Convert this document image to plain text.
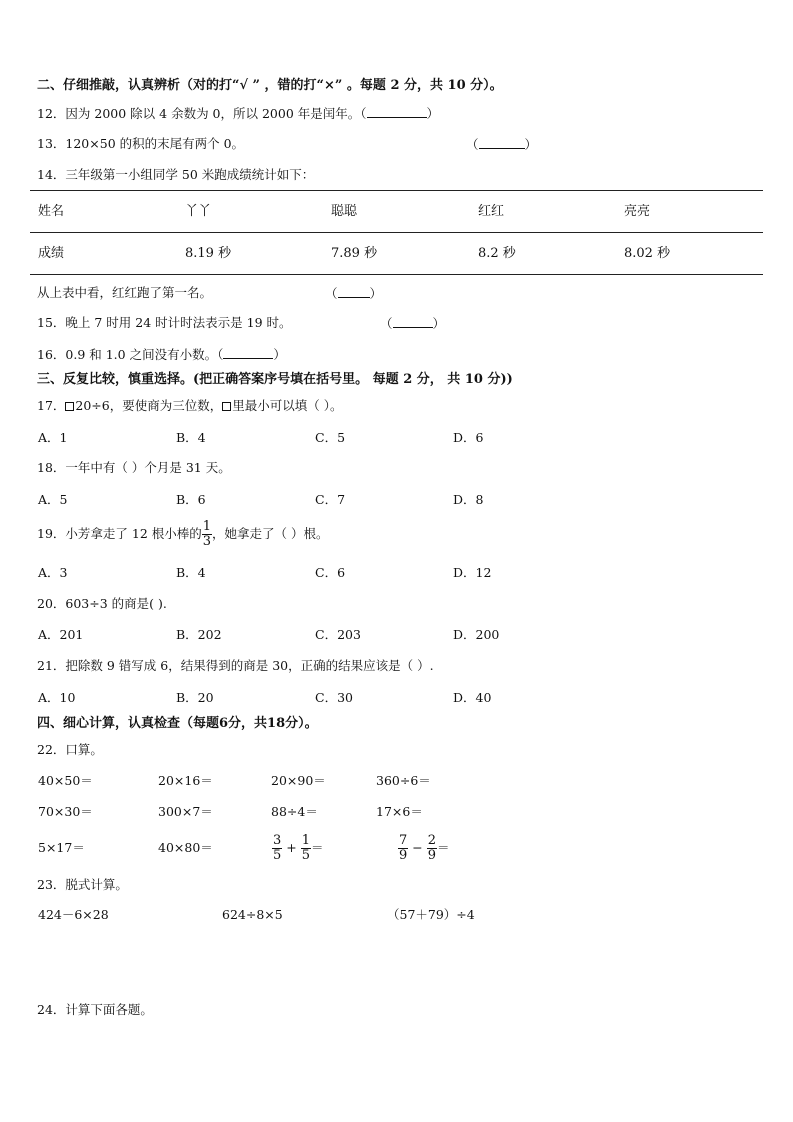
二、仔细推敲，认真辨析（对的打“√ ” ，错的打“×” 。每题 2 分，共 10 分）。
12．因为 2000 除以 4 余数为 0，所以 2000 年是闰年。（	）
13．120×50 的积的末尾有两个 0。	（	）
14．三年级第一小组同学 50 米跑成绩统计如下：
姓名	丫丫	聪聪	红红	亮亮
成绩	8.19 秒	7.89 秒	8.2 秒	8.02 秒
从上表中看，红红跑了第一名。	（	）
15．晚上 7 时用 24 时计时法表示是 19 时。	（	）
16．0.9 和 1.0 之间没有小数。（	）
三、反复比较，慎重选择。(把正确答案序号填在括号里。 每题 2 分， 共 10 分))
17． 20÷6，要使商为三位数， 里最小可以填（ ）。
A．1	B．4	C．5	D．6
18．一年中有（ ）个月是 31 天。
A．5	B．6	C．7	D．8
19．小芳拿走了 12 根小棒的 $\frac{1}{3}$ ，她拿走了（ ）根。
A．3	B．4	C．6	D．12
20．603÷3 的商是( ).
A．201	B．202	C．203	D．200
21．把除数 9 错写成 6，结果得到的商是 30，正确的结果应该是（ ）.
A．10	B．20	C．30	D．40
四、细心计算，认真检查（每题6分，共18分）。
22．口算。
40×50＝	20×16＝	20×90＝	360÷6＝
70×30＝	300×7＝	88÷4＝	17×6＝
5×17＝	40×80＝	$\frac{3}{5} + \frac{1}{5}$ ＝	$\frac{7}{9} - \frac{2}{9}$ ＝
23．脱式计算。
424－6×28	624÷8×5	（57＋79）÷4
24．计算下面各题。
